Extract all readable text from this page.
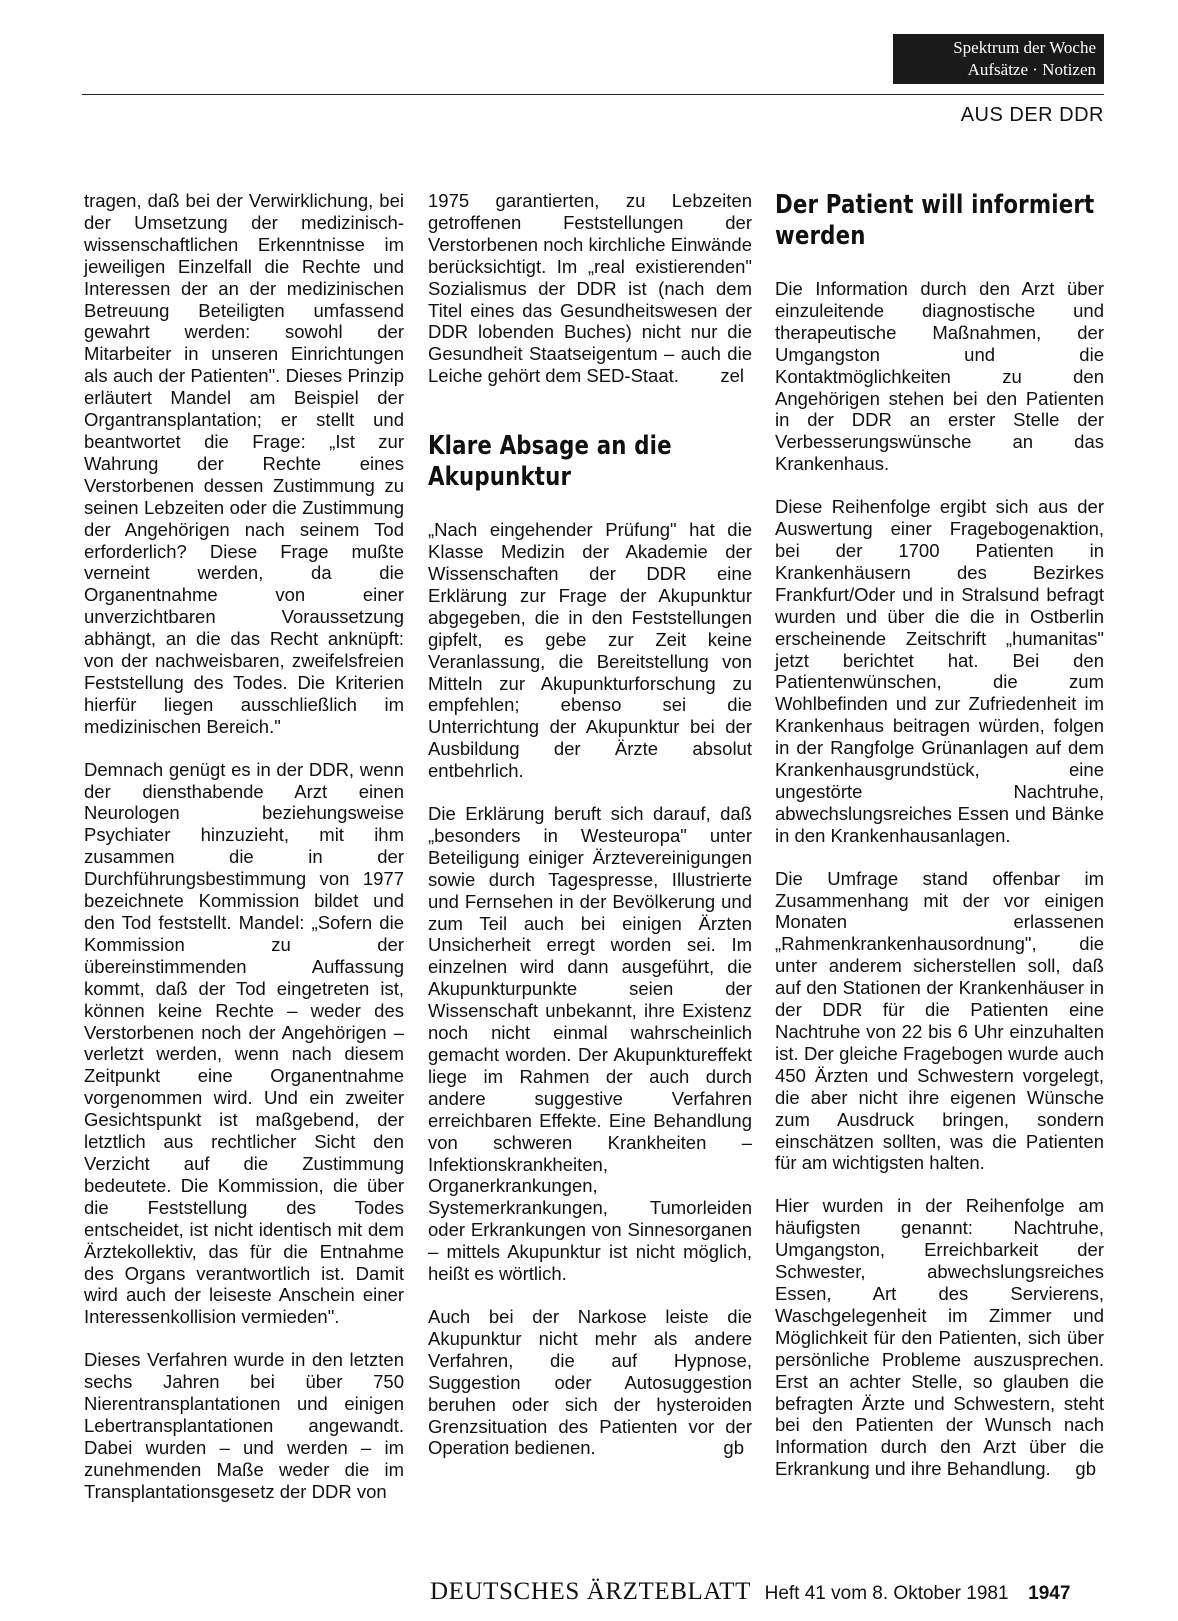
Spektrum der Woche
Aufsätze · Notizen
AUS DER DDR

tragen, daß bei der Verwirklichung, bei der Umsetzung der medizinisch-wissenschaftlichen Erkenntnisse im jeweiligen Einzelfall die Rechte und Interessen der an der medizinischen Betreuung Beteiligten umfassend gewahrt werden: sowohl der Mitarbeiter in unseren Einrichtungen als auch der Patienten". Dieses Prinzip erläutert Mandel am Beispiel der Organtransplantation; er stellt und beantwortet die Frage: „Ist zur Wahrung der Rechte eines Verstorbenen dessen Zustimmung zu seinen Lebzeiten oder die Zustimmung der Angehörigen nach seinem Tod erforderlich? Diese Frage mußte verneint werden, da die Organentnahme von einer unverzichtbaren Voraussetzung abhängt, an die das Recht anknüpft: von der nachweisbaren, zweifelsfreien Feststellung des Todes. Die Kriterien hierfür liegen ausschließlich im medizinischen Bereich."

Demnach genügt es in der DDR, wenn der diensthabende Arzt einen Neurologen beziehungsweise Psychiater hinzuzieht, mit ihm zusammen die in der Durchführungsbestimmung von 1977 bezeichnete Kommission bildet und den Tod feststellt. Mandel: „Sofern die Kommission zu der übereinstimmenden Auffassung kommt, daß der Tod eingetreten ist, können keine Rechte – weder des Verstorbenen noch der Angehörigen – verletzt werden, wenn nach diesem Zeitpunkt eine Organentnahme vorgenommen wird. Und ein zweiter Gesichtspunkt ist maßgebend, der letztlich aus rechtlicher Sicht den Verzicht auf die Zustimmung bedeutete. Die Kommission, die über die Feststellung des Todes entscheidet, ist nicht identisch mit dem Ärztekollektiv, das für die Entnahme des Organs verantwortlich ist. Damit wird auch der leiseste Anschein einer Interessenkollision vermieden".

Dieses Verfahren wurde in den letzten sechs Jahren bei über 750 Nierentransplantationen und einigen Lebertransplantationen angewandt. Dabei wurden – und werden – im zunehmenden Maße weder die im Transplantationsgesetz der DDR von

1975 garantierten, zu Lebzeiten getroffenen Feststellungen der Verstorbenen noch kirchliche Einwände berücksichtigt. Im „real existierenden" Sozialismus der DDR ist (nach dem Titel eines das Gesundheitswesen der DDR lobenden Buches) nicht nur die Gesundheit Staatseigentum – auch die Leiche gehört dem SED-Staat. zel

Klare Absage an die Akupunktur

„Nach eingehender Prüfung" hat die Klasse Medizin der Akademie der Wissenschaften der DDR eine Erklärung zur Frage der Akupunktur abgegeben, die in den Feststellungen gipfelt, es gebe zur Zeit keine Veranlassung, die Bereitstellung von Mitteln zur Akupunkturforschung zu empfehlen; ebenso sei die Unterrichtung der Akupunktur bei der Ausbildung der Ärzte absolut entbehrlich.

Die Erklärung beruft sich darauf, daß „besonders in Westeuropa" unter Beteiligung einiger Ärztevereinigungen sowie durch Tagespresse, Illustrierte und Fernsehen in der Bevölkerung und zum Teil auch bei einigen Ärzten Unsicherheit erregt worden sei. Im einzelnen wird dann ausgeführt, die Akupunkturpunkte seien der Wissenschaft unbekannt, ihre Existenz noch nicht einmal wahrscheinlich gemacht worden. Der Akupunktureffekt liege im Rahmen der auch durch andere suggestive Verfahren erreichbaren Effekte. Eine Behandlung von schweren Krankheiten – Infektionskrankheiten, Organerkrankungen, Systemerkrankungen, Tumorleiden oder Erkrankungen von Sinnesorganen – mittels Akupunktur ist nicht möglich, heißt es wörtlich.

Auch bei der Narkose leiste die Akupunktur nicht mehr als andere Verfahren, die auf Hypnose, Suggestion oder Autosuggestion beruhen oder sich der hysteroiden Grenzsituation des Patienten vor der Operation bedienen.	gb

Der Patient will informiert werden

Die Information durch den Arzt über einzuleitende diagnostische und therapeutische Maßnahmen, der Umgangston und die Kontaktmöglichkeiten zu den Angehörigen stehen bei den Patienten in der DDR an erster Stelle der Verbesserungswünsche an das Krankenhaus.

Diese Reihenfolge ergibt sich aus der Auswertung einer Fragebogenaktion, bei der 1700 Patienten in Krankenhäusern des Bezirkes Frankfurt/Oder und in Stralsund befragt wurden und über die die in Ostberlin erscheinende Zeitschrift „humanitas" jetzt berichtet hat. Bei den Patientenwünschen, die zum Wohlbefinden und zur Zufriedenheit im Krankenhaus beitragen würden, folgen in der Rangfolge Grünanlagen auf dem Krankenhausgrundstück, eine ungestörte Nachtruhe, abwechslungsreiches Essen und Bänke in den Krankenhausanlagen.

Die Umfrage stand offenbar im Zusammenhang mit der vor einigen Monaten erlassenen „Rahmenkrankenhausordnung", die unter anderem sicherstellen soll, daß auf den Stationen der Krankenhäuser in der DDR für die Patienten eine Nachtruhe von 22 bis 6 Uhr einzuhalten ist. Der gleiche Fragebogen wurde auch 450 Ärzten und Schwestern vorgelegt, die aber nicht ihre eigenen Wünsche zum Ausdruck bringen, sondern einschätzen sollten, was die Patienten für am wichtigsten halten.

Hier wurden in der Reihenfolge am häufigsten genannt: Nachtruhe, Umgangston, Erreichbarkeit der Schwester, abwechslungsreiches Essen, Art des Servierens, Waschgelegenheit im Zimmer und Möglichkeit für den Patienten, sich über persönliche Probleme auszusprechen. Erst an achter Stelle, so glauben die befragten Ärzte und Schwestern, steht bei den Patienten der Wunsch nach Information durch den Arzt über die Erkrankung und ihre Behandlung. gb

DEUTSCHES ÄRZTEBLATT Heft 41 vom 8. Oktober 1981 1947
